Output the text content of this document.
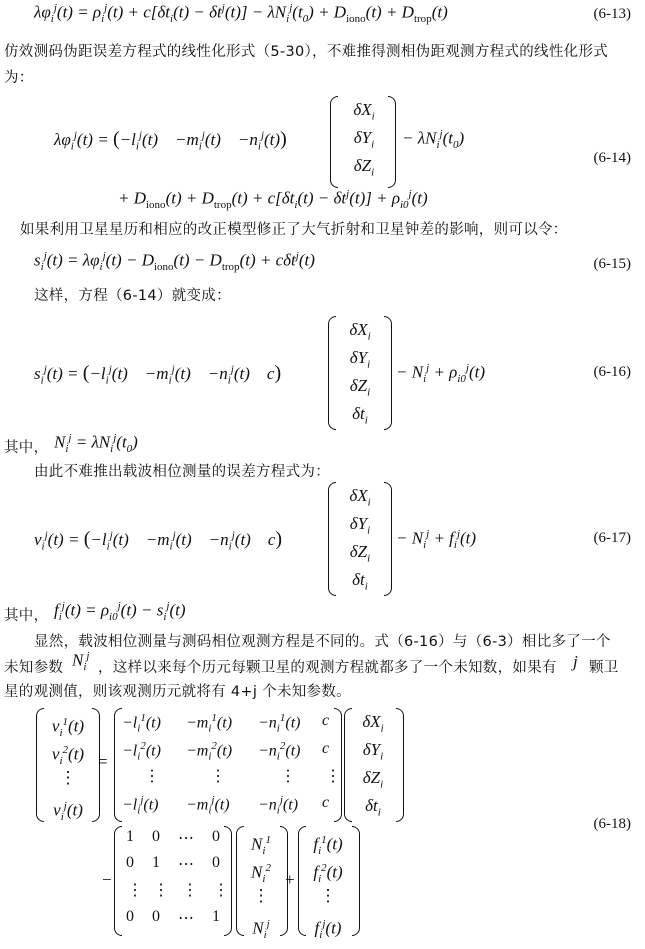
$\lambda\varphi_i^j(t) = \rho_i^j(t) + c[\delta t_i(t) - \delta t^j(t)] - \lambda N_i^j(t_0) + D_{iono}(t) + D_{trop}(t)$	(6-13)
仿效测码伪距误差方程式的线性化形式（5-30），不难推得测相伪距观测方程式的线性化形式
为：
$\lambda\varphi_i^j(t) = (-l_i^j(t)$    $-m_i^j(t)$    $-n_i^j(t)$)
$\delta X_i$
$\delta Y_i$
$\delta Z_i$
− $\lambda N_i^j(t_0)$
(6-14)
+ $D_{iono}(t) + D_{trop}(t) + c[\delta t_i(t) - \delta t^j(t)] + \rho_{i0}^j(t)$
如果利用卫星星历和相应的改正模型修正了大气折射和卫星钟差的影响，则可以令：
$s_i^j(t) = \lambda\varphi_i^j(t) - D_{iono}(t) - D_{trop}(t) + c\delta t^j(t)$	(6-15)
这样，方程（6-14）就变成：
$s_i^j(t) = (-l_i^j(t)$    $-m_i^j(t)$    $-n_i^j(t)$    c)
$\delta X_i$
$\delta Y_i$
$\delta Z_i$
$\delta t_i$
− $N_i^j + \rho_{i0}^j(t)$	(6-16)
其中， $N_i^j = \lambda N_i^j(t_0)$
由此不难推出载波相位测量的误差方程式为：
$v_i^j(t) = (-l_i^j(t)$    $-m_i^j(t)$    $-n_i^j(t)$    c)
$\delta X_i$
$\delta Y_i$
$\delta Z_i$
$\delta t_i$
− $N_i^j + f_i^j(t)$	(6-17)
其中， $f_i^j(t) = \rho_{i0}^j(t) - s_i^j(t)$
显然，载波相位测量与测码相位观测方程是不同的。式（6-16）与（6-3）相比多了一个
未知参数 $N_i^j$
，这样以来每个历元每颗卫星的观测方程就都多了一个未知数，如果有 j 颗卫
星的观测值，则该观测历元就将有 4+j 个未知参数。
$v_i^1(t)$
$v_i^2(t)$
⋮
$v_i^j(t)$
=
$-l_i^1(t) -m_i^1(t) -n_i^1(t)$ c
$-l_i^2(t) -m_i^2(t) -n_i^2(t)$ c
⋮	⋮	⋮ ⋮
$-l_i^j(t) -m_i^j(t) -n_i^j(t)$ c
$\delta X_i$
$\delta Y_i$
$\delta Z_i$
$\delta t_i$
(6-18)
−
1 0 ⋯ 0
0 1 ⋯ 0
⋮ ⋮ ⋮ ⋮
0 0 ⋯ 1
$N_i^1$
$N_i^2$
⋮
$N_i^j$
+
$f_i^1(t)$
$f_i^2(t)$
⋮
$f_i^j(t)$
